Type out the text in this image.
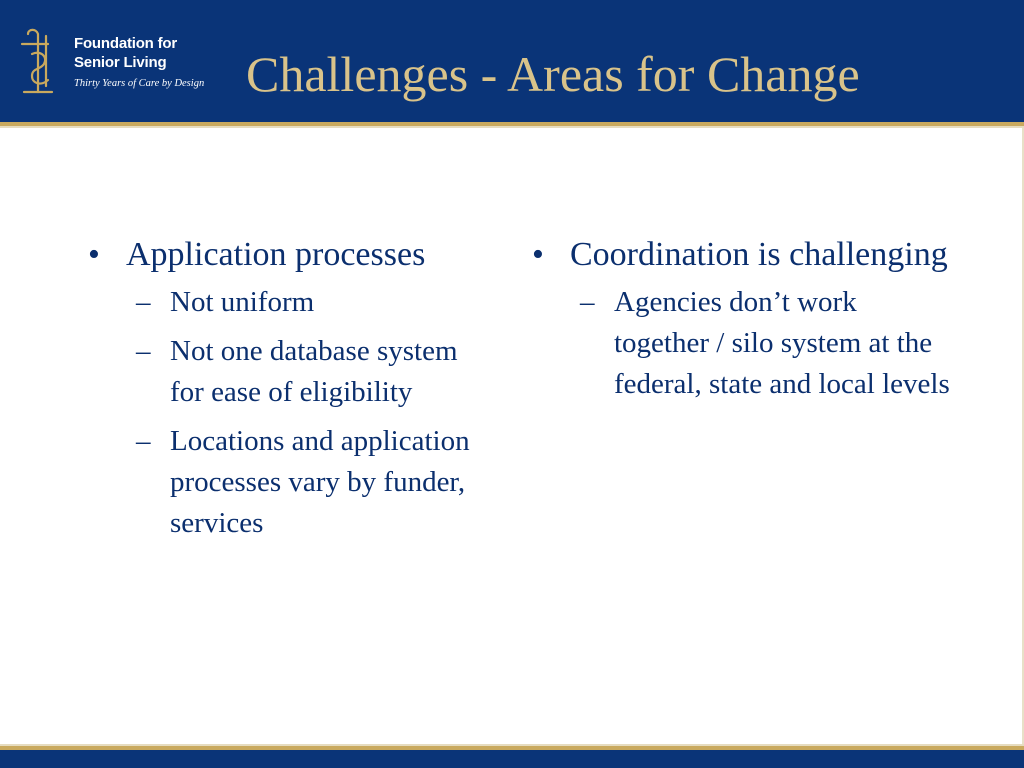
Foundation for
Senior Living
Thirty Years of Care by Design Challenges - Areas for Change
• Application processes
– Not uniform
– Not one database system for ease of eligibility
– Locations and application processes vary by funder, services
• Coordination is challenging
– Agencies don’t work together / silo system at the federal, state and local levels
